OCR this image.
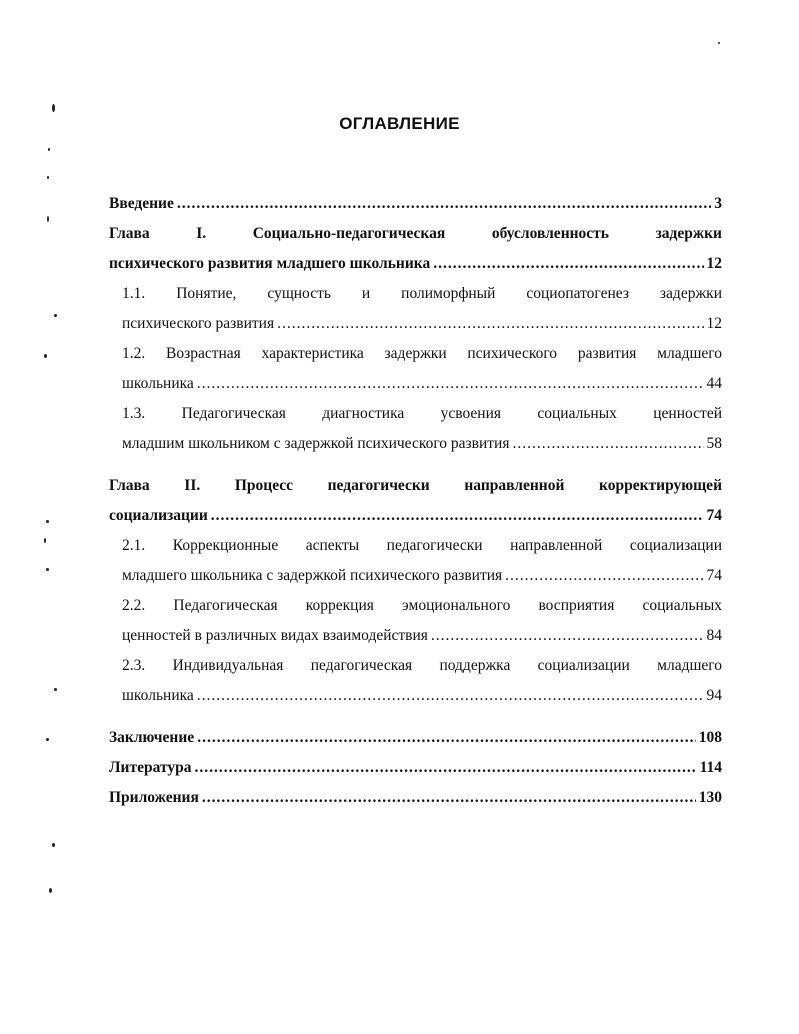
ОГЛАВЛЕНИЕ
Введение .....	3
Глава I. Социально-педагогическая обусловленность задержки
психического развития младшего школьника .....	12
1.1. Понятие, сущность и полиморфный социопатогенез задержки
психического развития .....	12
1.2. Возрастная характеристика задержки психического развития младшего
школьника .....	44
1.3. Педагогическая диагностика усвоения социальных ценностей
младшим школьником с задержкой психического развития .....	58
Глава II. Процесс педагогически направленной корректирующей
социализации .....	74
2.1. Коррекционные аспекты педагогически направленной социализации
младшего школьника с задержкой психического развития .....	74
2.2. Педагогическая коррекция эмоционального восприятия социальных
ценностей в различных видах взаимодействия .....	84
2.3. Индивидуальная педагогическая поддержка социализации младшего
школьника .....	94
Заключение .....	108
Литература .....	114
Приложения .....	130
